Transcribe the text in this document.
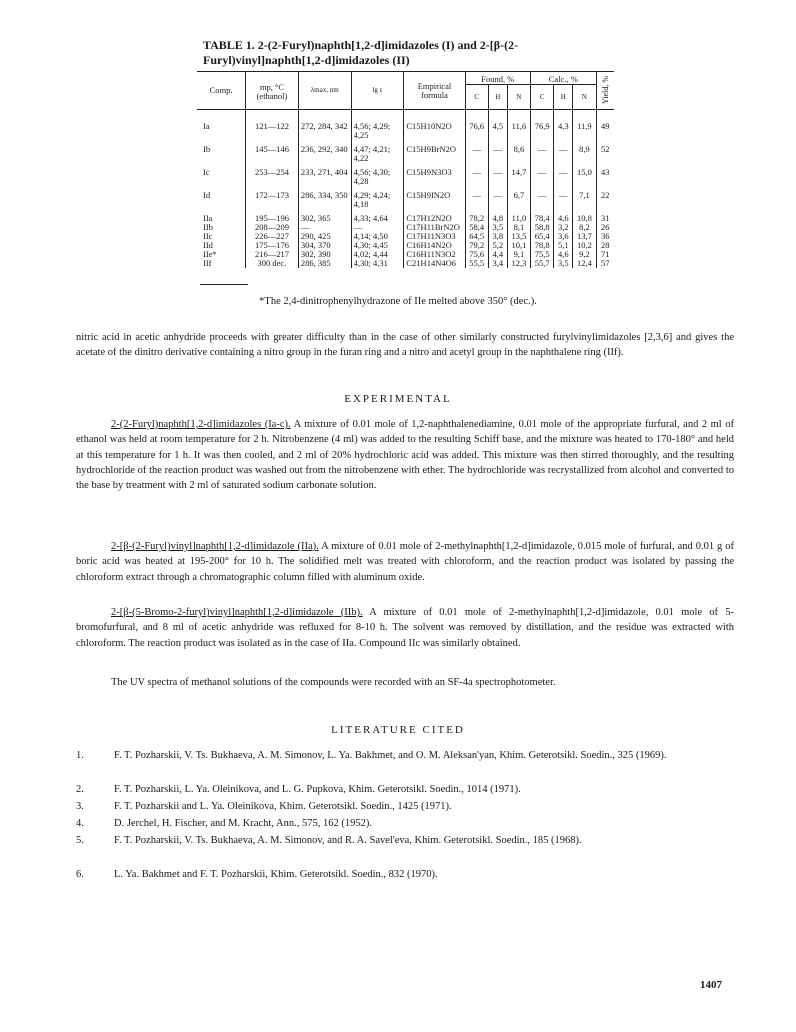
TABLE 1. 2-(2-Furyl)naphth[1,2-d]imidazoles (I) and 2-[β-(2-Furyl)vinyl]naphth[1,2-d]imidazoles (II)
Comp.	mp, °C (ethanol)	λmax, nm	lg ε	Empirical formula	Found, %			Calc., %			Yield, %
					C	H	N	C	H	N	
Ia	121—122	272, 284, 342	4,56; 4,29; 4,25	C15H10N2O	76,6	4,5	11,6	76,9	4,3	11,9	49
Ib	145—146	236, 292, 340	4,47; 4,21; 4,22	C15H9BrN2O	—	—	8,6	—	—	8,9	52
Ic	253—254	233, 271, 404	4,56; 4,30; 4,28	C15H9N3O3	—	—	14,7	—	—	15,0	43
Id	172—173	286, 334, 350	4,29; 4,24; 4,18	C15H9IN2O	—	—	6,7	—	—	7,1	22
IIa	195—196	302, 365	4,33; 4,64	C17H12N2O	78,2	4,8	11,0	78,4	4,6	10,8	31
IIb	208—209	—	—	C17H11BrN2O	58,4	3,5	8,1	58,8	3,2	8,2	26
IIc	226—227	290, 425	4,14; 4,50	C17H11N3O3	64,5	3,8	13,5	65,4	3,6	13,7	36
IId	175—176	304, 370	4,30; 4,45	C16H14N2O	79,2	5,2	10,1	78,8	5,1	10,2	28
IIe*	216—217	302, 390	4,02; 4,44	C16H11N3O2	75,6	4,4	9,1	75,5	4,6	9,2	71
IIf	300 dec.	286, 385	4,30; 4,31	C21H14N4O6	55,5	3,4	12,3	55,7	3,5	12,4	57
*The 2,4-dinitrophenylhydrazone of IIe melted above 350° (dec.).
nitric acid in acetic anhydride proceeds with greater difficulty than in the case of other similarly constructed furylvinylimidazoles [2,3,6] and gives the acetate of the dinitro derivative containing a nitro group in the furan ring and a nitro and acetyl group in the naphthalene ring (IIf).
EXPERIMENTAL
2-(2-Furyl)naphth[1,2-d]imidazoles (Ia-c). A mixture of 0.01 mole of 1,2-naphthalenediamine, 0.01 mole of the appropriate furfural, and 2 ml of ethanol was held at room temperature for 2 h. Nitrobenzene (4 ml) was added to the resulting Schiff base, and the mixture was heated to 170-180° and held at this temperature for 1 h. It was then cooled, and 2 ml of 20% hydrochloric acid was added. This mixture was then stirred thoroughly, and the resulting hydrochloride of the reaction product was washed out from the nitrobenzene with ether. The hydrochloride was recrystallized from alcohol and converted to the base by treatment with 2 ml of saturated sodium carbonate solution.
2-[β-(2-Furyl)vinyl]naphth[1,2-d]imidazole (IIa). A mixture of 0.01 mole of 2-methylnaphth[1,2-d]imidazole, 0.015 mole of furfural, and 0.01 g of boric acid was heated at 195-200° for 10 h. The solidified melt was treated with chloroform, and the reaction product was isolated by passing the chloroform extract through a chromatographic column filled with aluminum oxide.
2-[β-(5-Bromo-2-furyl)vinyl]naphth[1,2-d]imidazole (IIb). A mixture of 0.01 mole of 2-methylnaphth[1,2-d]imidazole, 0.01 mole of 5-bromofurfural, and 8 ml of acetic anhydride was refluxed for 8-10 h. The solvent was removed by distillation, and the residue was extracted with chloroform. The reaction product was isolated as in the case of IIa. Compound IIc was similarly obtained.
The UV spectra of methanol solutions of the compounds were recorded with an SF-4a spectrophotometer.
LITERATURE CITED
1.	F. T. Pozharskii, V. Ts. Bukhaeva, A. M. Simonov, L. Ya. Bakhmet, and O. M. Aleksan'yan, Khim. Geterotsikl. Soedin., 325 (1969).
2.	F. T. Pozharskii, L. Ya. Oleinikova, and L. G. Pupkova, Khim. Geterotsikl. Soedin., 1014 (1971).
3.	F. T. Pozharskii and L. Ya. Oleinikova, Khim. Geterotsikl. Soedin., 1425 (1971).
4.	D. Jerchel, H. Fischer, and M. Kracht, Ann., 575, 162 (1952).
5.	F. T. Pozharskii, V. Ts. Bukhaeva, A. M. Simonov, and R. A. Savel'eva, Khim. Geterotsikl. Soedin., 185 (1968).
6.	L. Ya. Bakhmet and F. T. Pozharskii, Khim. Geterotsikl. Soedin., 832 (1970).
1407
